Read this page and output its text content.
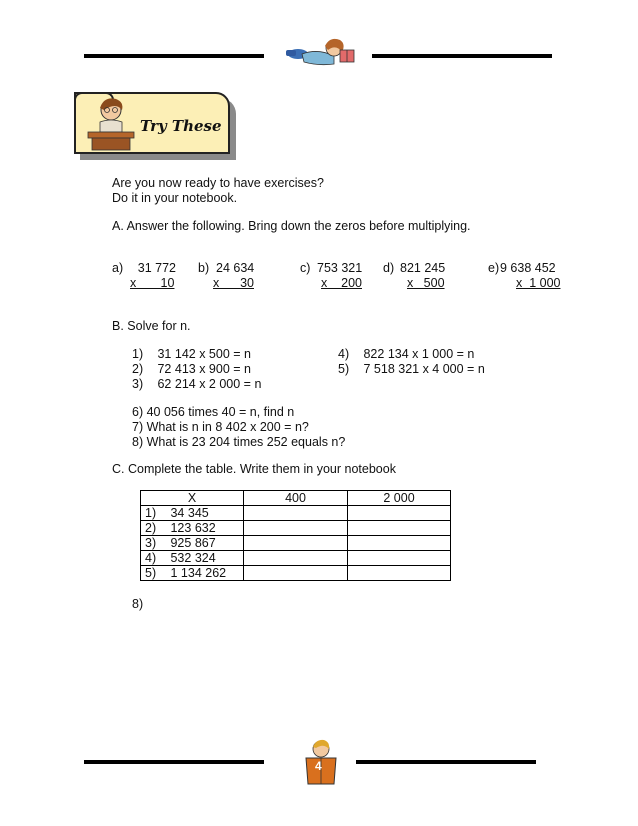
Try These
Are you now ready to have exercises?
Do it in your notebook.
A. Answer the following. Bring down the zeros before multiplying.
a)	31 772
x       10
b) 24 634
x      30
c) 753 321
x    200
d) 821 245
x   500
e) 9 638 452
x  1 000
B. Solve for n.
1) 31 142 x 500 = n
2) 72 413 x 900 = n
3) 62 214 x 2 000 = n
4) 822 134 x 1 000 = n
5) 7 518 321 x 4 000 = n
6) 40 056 times 40 = n, find n
7) What is n in 8 402 x 200 = n?
8) What is 23 204 times 252 equals n?
C. Complete the table. Write them in your notebook
X	400	2 000
1) 34 345		
2) 123 632		
3) 925 867		
4) 532 324		
5) 1 134 262		
8)
4
